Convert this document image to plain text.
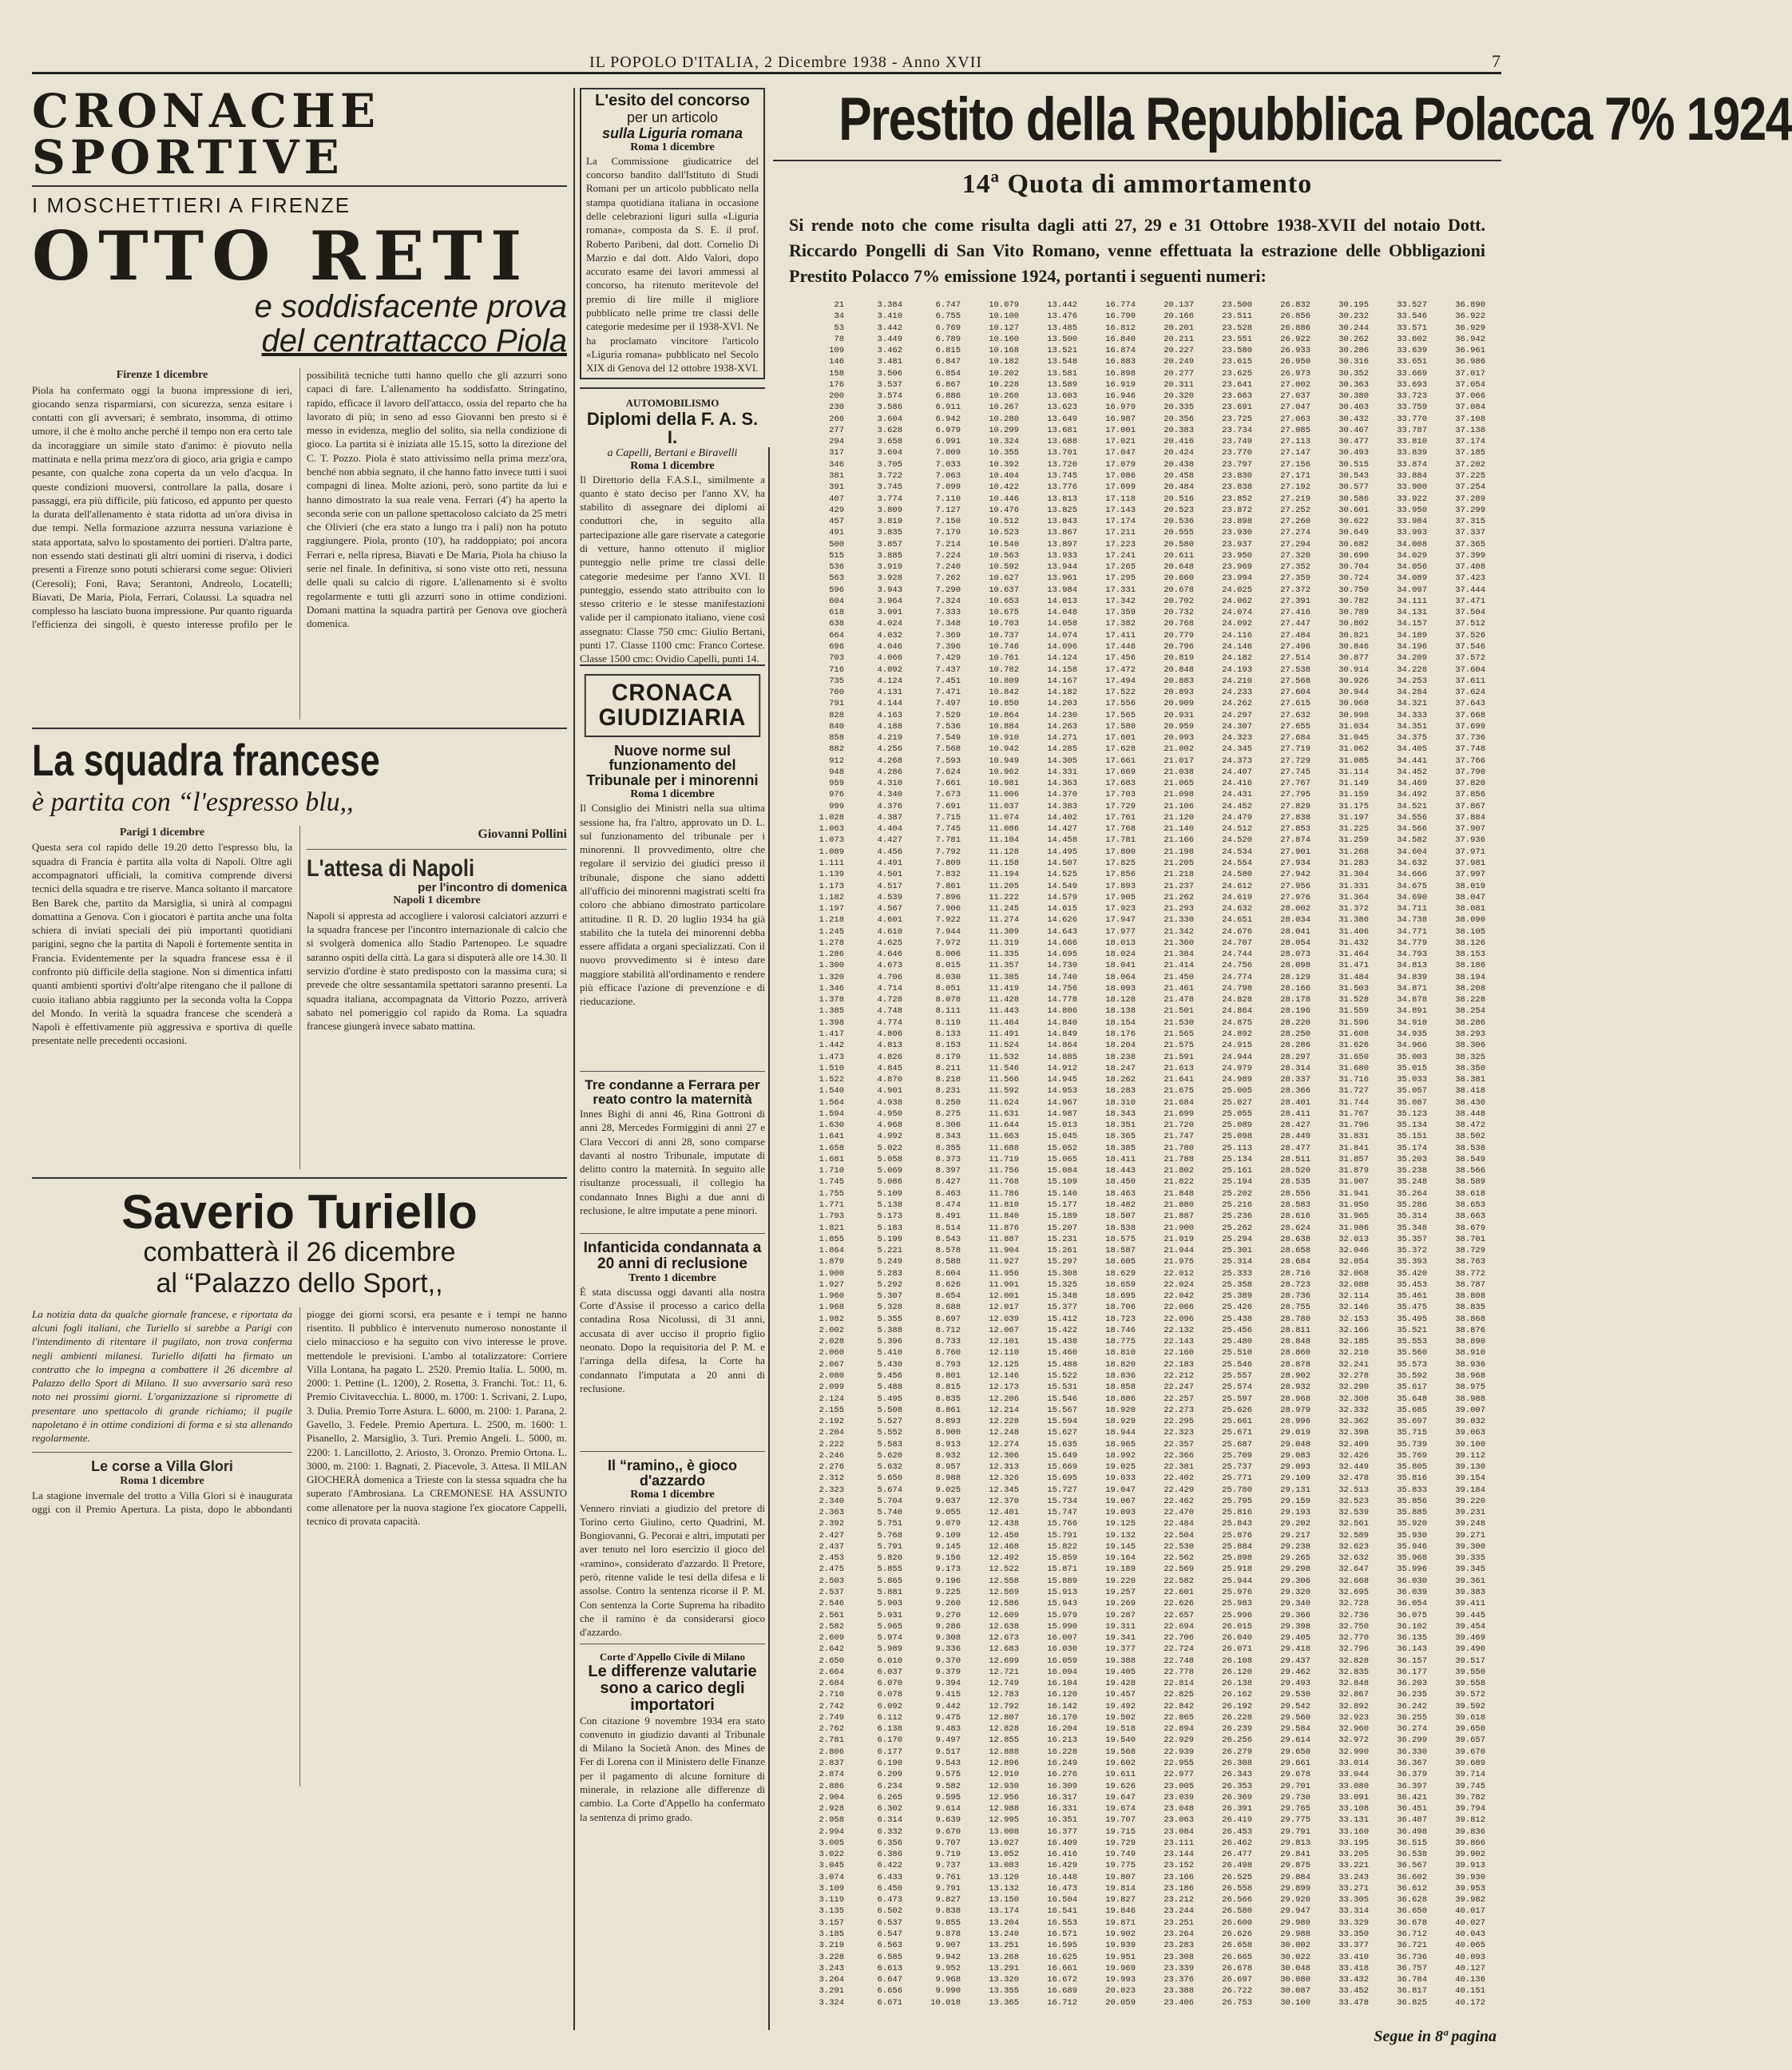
IL POPOLO D'ITALIA, 2 Dicembre 1938 - Anno XVII	7
CRONACHE SPORTIVE
I MOSCHETTIERI A FIRENZE
OTTO RETI
e soddisfacente prova
del centrattacco Piola
Firenze 1 dicembre
Piola ha confermato oggi la buona impressione di ieri, giocando senza risparmiarsi, con sicurezza, senza esitare i contatti con gli avversari; è sembrato, insomma, di ottimo umore, il che è molto anche perché il tempo non era certo tale da incoraggiare un simile stato d'animo: è piovuto nella mattinata e nella prima mezz'ora di gioco, aria grigia e campo pesante, con qualche zona coperta da un velo d'acqua. In queste condizioni muoversi, controllare la palla, dosare i passaggi, era più difficile, più faticoso, ed appunto per questo la durata dell'allenamento è stata ridotta ad un'ora divisa in due tempi. Nella formazione azzurra nessuna variazione è stata apportata, salvo lo spostamento dei portieri. D'altra parte, non essendo stati destinati gli altri uomini di riserva, i dodici presenti a Firenze sono potuti schierarsi come segue: Olivieri (Ceresoli); Foni, Rava; Serantoni, Andreolo, Locatelli; Biavati, De Maria, Piola, Ferrari, Colaussi. La squadra nel complesso ha lasciato buona impressione. Pur quanto riguarda l'efficienza dei singoli, è questo interesse profilo per le possibilità tecniche tutti hanno quello che gli azzurri sono capaci di fare. L'allenamento ha soddisfatto. Stringatino, rapido, efficace il lavoro dell'attacco, ossia del reparto che ha lavorato di più; in seno ad esso Giovanni ben presto si è messo in evidenza, meglio del solito, sia nella condizione di gioco. La partita si è iniziata alle 15.15, sotto la direzione del C. T. Pozzo. Piola è stato attivissimo nella prima mezz'ora, benché non abbia segnato, il che hanno fatto invece tutti i suoi compagni di linea. Molte azioni, però, sono partite da lui e hanno dimostrato la sua reale vena. Ferrari (4') ha aperto la seconda serie con un pallone spettacoloso calciato da 25 metri che Olivieri (che era stato a lungo tra i pali) non ha potuto raggiungere. Piola, pronto (10'), ha raddoppiato; poi ancora Ferrari e, nella ripresa, Biavati e De Maria, Piola ha chiuso la serie nel finale. In definitiva, si sono viste otto reti, nessuna delle quali su calcio di rigore. L'allenamento si è svolto regolarmente e tutti gli azzurri sono in ottime condizioni. Domani mattina la squadra partirà per Genova ove giocherà domenica.
La squadra francese
è partita con “l'espresso blu,,
Parigi 1 dicembre
Questa sera col rapido delle 19.20 detto l'espresso blu, la squadra di Francia è partita alla volta di Napoli. Oltre agli accompagnatori ufficiali, la comitiva comprende diversi tecnici della squadra e tre riserve. Manca soltanto il marcatore Ben Barek che, partito da Marsiglia, si unirà al compagni domattina a Genova. Con i giocatori è partita anche una folta schiera di inviati speciali dei più importanti quotidiani parigini, segno che la partita di Napoli è fortemente sentita in Francia. Evidentemente per la squadra francese essa è il confronto più difficile della stagione. Non si dimentica infatti quanti ambienti sportivi d'oltr'alpe ritengano che il pallone di cuoio italiano abbia raggiunto per la seconda volta la Coppa del Mondo. In verità la squadra francese che scenderà a Napoli è effettivamente più aggressiva e sportiva di quelle presentate nelle precedenti occasioni.
Giovanni Pollini
L'attesa di Napoli
per l'incontro di domenica
Napoli 1 dicembre
Napoli si appresta ad accogliere i valorosi calciatori azzurri e la squadra francese per l'incontro internazionale di calcio che si svolgerà domenica allo Stadio Partenopeo. Le squadre saranno ospiti della città. La gara si disputerà alle ore 14.30. Il servizio d'ordine è stato predisposto con la massima cura; si prevede che oltre sessantamila spettatori saranno presenti. La squadra italiana, accompagnata da Vittorio Pozzo, arriverà sabato nel pomeriggio col rapido da Roma. La squadra francese giungerà invece sabato mattina.
Saverio Turiello
combatterà il 26 dicembre
al “Palazzo dello Sport,,
La notizia data da qualche giornale francese, e riportata da alcuni fogli italiani, che Turiello si sarebbe a Parigi con l'intendimento di ritentare il pugilato, non trova conferma negli ambienti milanesi. Turiello difatti ha firmato un contratto che lo impegna a combattere il 26 dicembre al Palazzo dello Sport di Milano. Il suo avversario sarà reso noto nei prossimi giorni. L'organizzazione si ripromette di presentare uno spettacolo di grande richiamo; il pugile napoletano è in ottime condizioni di forma e si sta allenando regolarmente.
Le corse a Villa Glori
Roma 1 dicembre
La stagione invernale del trotto a Villa Glori si è inaugurata oggi con il Premio Apertura. La pista, dopo le abbondanti piogge dei giorni scorsi, era pesante e i tempi ne hanno risentito. Il pubblico è intervenuto numeroso nonostante il cielo minaccioso e ha seguito con vivo interesse le prove. mettendole le previsioni. L'ambo al totalizzatore: Corriere Villa Lontana, ha pagato L. 2520. Premio Italia. L. 5000, m. 2000: 1. Pettine (L. 1200), 2. Rosetta, 3. Franchi. Tot.: 11, 6. Premio Civitavecchia. L. 8000, m. 1700: 1. Scrivani, 2. Lupo, 3. Dulia. Premio Torre Astura. L. 6000, m. 2100: 1. Parana, 2. Gavello, 3. Fedele. Premio Apertura. L. 2500, m. 1600: 1. Pisanello, 2. Marsiglio, 3. Turi. Premio Angeli. L. 5000, m. 2200: 1. Lancillotto, 2. Ariosto, 3. Oronzo. Premio Ortona. L. 3000, m. 2100: 1. Bagnati, 2. Piacevole, 3. Attesa. Il MILAN GIOCHERÀ domenica a Trieste con la stessa squadra che ha superato l'Ambrosiana. La CREMONESE HA ASSUNTO come allenatore per la nuova stagione l'ex giocatore Cappelli, tecnico di provata capacità.
L'esito del concorso
per un articolo
sulla Liguria romana
Roma 1 dicembre
La Commissione giudicatrice del concorso bandito dall'Istituto di Studi Romani per un articolo pubblicato nella stampa quotidiana italiana in occasione delle celebrazioni liguri sulla «Liguria romana», composta da S. E. il prof. Roberto Paribeni, dal dott. Cornelio Di Marzio e dal dott. Aldo Valori, dopo accurato esame dei lavori ammessi al concorso, ha ritenuto meritevole del premio di lire mille il migliore pubblicato nelle prime tre classi delle categorie medesime per il 1938-XVI. Ne ha proclamato vincitore l'articolo «Liguria romana» pubblicato nel Secolo XIX di Genova del 12 ottobre 1938-XVI.
AUTOMOBILISMO
Diplomi della F. A. S. I.
a Capelli, Bertani e Biravelli
Roma 1 dicembre
Il Direttorio della F.A.S.I., similmente a quanto è stato deciso per l'anno XV, ha stabilito di assegnare dei diplomi ai conduttori che, in seguito alla partecipazione alle gare riservate a categorie di vetture, hanno ottenuto il miglior punteggio nelle prime tre classi delle categorie medesime per l'anno XVI. Il punteggio, essendo stato attribuito con lo stesso criterio e le stesse manifestazioni valide per il campionato italiano, viene così assegnato: Classe 750 cmc: Giulio Bertani, punti 17. Classe 1100 cmc: Franco Cortese. Classe 1500 cmc: Ovidio Capelli, punti 14.
CRONACA GIUDIZIARIA
Nuove norme sul funzionamento del Tribunale per i minorenni
Roma 1 dicembre
Il Consiglio dei Ministri nella sua ultima sessione ha, fra l'altro, approvato un D. L. sul funzionamento del tribunale per i minorenni. Il provvedimento, oltre che regolare il servizio dei giudici presso il tribunale, dispone che siano addetti all'ufficio dei minorenni magistrati scelti fra coloro che abbiano dimostrato particolare attitudine. Il R. D. 20 luglio 1934 ha già stabilito che la tutela dei minorenni debba essere affidata a organi specializzati. Con il nuovo provvedimento si è inteso dare maggiore stabilità all'ordinamento e rendere più efficace l'azione di prevenzione e di rieducazione.
Tre condanne a Ferrara per reato contro la maternità
Innes Bighi di anni 46, Rina Gottroni di anni 28, Mercedes Formiggini di anni 27 e Clara Veccori di anni 28, sono comparse davanti al nostro Tribunale, imputate di delitto contro la maternità. In seguito alle risultanze processuali, il collegio ha condannato Innes Bighi a due anni di reclusione, le altre imputate a pene minori.
Infanticida condannata a 20 anni di reclusione
Trento 1 dicembre
È stata discussa oggi davanti alla nostra Corte d'Assise il processo a carico della contadina Rosa Nicolussi, di 31 anni, accusata di aver ucciso il proprio figlio neonato. Dopo la requisitoria del P. M. e l'arringa della difesa, la Corte ha condannato l'imputata a 20 anni di reclusione.
Il “ramino,, è gioco d'azzardo
Roma 1 dicembre
Vennero rinviati a giudizio del pretore di Torino certo Giulino, certo Quadrini, M. Bongiovanni, G. Pecorai e altri, imputati per aver tenuto nel loro esercizio il gioco del «ramino», considerato d'azzardo. Il Pretore, però, ritenne valide le tesi della difesa e li assolse. Contro la sentenza ricorse il P. M. Con sentenza la Corte Suprema ha ribadito che il ramino è da considerarsi gioco d'azzardo.
Corte d'Appello Civile di Milano
Le differenze valutarie sono a carico degli importatori
Con citazione 9 novembre 1934 era stato convenuto in giudizio davanti al Tribunale di Milano la Società Anon. des Mines de Fer di Lorena con il Ministero delle Finanze per il pagamento di alcune forniture di minerale, in relazione alle differenze di cambio. La Corte d'Appello ha confermato la sentenza di primo grado.
Prestito della Repubblica Polacca 7% 1924
14ª Quota di ammortamento
Si rende noto che come risulta dagli atti 27, 29 e 31 Ottobre 1938-XVII del notaio Dott. Riccardo Pongelli di San Vito Romano, venne effettuata la estrazione delle Obbligazioni Prestito Polacco 7% emissione 1924, portanti i seguenti numeri:
21
34
53
78
109
146
158
176
200
230
266
277
294
317
346
381
391
407
429
457
491
500
515
536
563
596
604
618
638
664
696
703
716
735
760
791
828
840
858
882
912
948
959
976
999
1.028
1.063
1.073
1.089
1.111
1.139
1.173
1.182
1.197
1.218
1.245
1.278
1.286
1.300
1.320
1.346
1.378
1.385
1.398
1.417
1.442
1.473
1.510
1.522
1.540
1.564
1.594
1.630
1.641
1.658
1.681
1.710
1.745
1.755
1.771
1.793
1.821
1.855
1.864
1.879
1.900
1.927
1.960
1.968
1.982
2.002
2.028
2.060
2.067
2.080
2.099
2.124
2.155
2.192
2.204
2.222
2.246
2.276
2.312
2.323
2.340
2.363
2.392
2.427
2.437
2.453
2.475
2.503
2.537
2.546
2.561
2.582
2.609
2.642
2.650
2.664
2.684
2.710
2.742
2.749
2.762
2.781
2.806
2.837
2.874
2.886
2.904
2.928
2.958
2.994
3.005
3.022
3.045
3.074
3.109
3.119
3.135
3.157
3.185
3.219
3.228
3.243
3.264
3.291
3.324
3.384
3.410
3.442
3.449
3.462
3.481
3.506
3.537
3.574
3.586
3.604
3.628
3.658
3.694
3.705
3.722
3.745
3.774
3.809
3.819
3.835
3.857
3.885
3.919
3.928
3.943
3.964
3.991
4.024
4.032
4.046
4.066
4.092
4.124
4.131
4.144
4.163
4.188
4.219
4.256
4.268
4.286
4.310
4.340
4.376
4.387
4.404
4.427
4.456
4.491
4.501
4.517
4.539
4.567
4.601
4.610
4.625
4.646
4.673
4.706
4.714
4.728
4.748
4.774
4.806
4.813
4.826
4.845
4.870
4.901
4.938
4.950
4.968
4.992
5.022
5.058
5.069
5.086
5.109
5.138
5.173
5.183
5.199
5.221
5.249
5.283
5.292
5.307
5.328
5.355
5.388
5.396
5.410
5.430
5.456
5.488
5.495
5.508
5.527
5.552
5.583
5.620
5.632
5.650
5.674
5.704
5.740
5.751
5.768
5.791
5.820
5.855
5.865
5.881
5.903
5.931
5.965
5.974
5.989
6.010
6.037
6.070
6.078
6.092
6.112
6.138
6.170
6.177
6.190
6.209
6.234
6.265
6.302
6.314
6.332
6.356
6.386
6.422
6.433
6.450
6.473
6.502
6.537
6.547
6.563
6.585
6.613
6.647
6.656
6.671
6.747
6.755
6.769
6.789
6.815
6.847
6.854
6.867
6.886
6.911
6.942
6.979
6.991
7.009
7.033
7.063
7.099
7.110
7.127
7.150
7.179
7.214
7.224
7.240
7.262
7.290
7.324
7.333
7.348
7.369
7.396
7.429
7.437
7.451
7.471
7.497
7.529
7.536
7.549
7.568
7.593
7.624
7.661
7.673
7.691
7.715
7.745
7.781
7.792
7.809
7.832
7.861
7.896
7.906
7.922
7.944
7.972
8.006
8.015
8.030
8.051
8.078
8.111
8.119
8.133
8.153
8.179
8.211
8.218
8.231
8.250
8.275
8.306
8.343
8.355
8.373
8.397
8.427
8.463
8.474
8.491
8.514
8.543
8.578
8.588
8.604
8.626
8.654
8.688
8.697
8.712
8.733
8.760
8.793
8.801
8.815
8.835
8.861
8.893
8.900
8.913
8.932
8.957
8.988
9.025
9.037
9.055
9.079
9.109
9.145
9.156
9.173
9.196
9.225
9.260
9.270
9.286
9.308
9.336
9.370
9.379
9.394
9.415
9.442
9.475
9.483
9.497
9.517
9.543
9.575
9.582
9.595
9.614
9.639
9.670
9.707
9.719
9.737
9.761
9.791
9.827
9.838
9.855
9.878
9.907
9.942
9.952
9.968
9.990
10.018
10.079
10.100
10.127
10.160
10.168
10.182
10.202
10.228
10.260
10.267
10.280
10.299
10.324
10.355
10.392
10.404
10.422
10.446
10.476
10.512
10.523
10.540
10.563
10.592
10.627
10.637
10.653
10.675
10.703
10.737
10.746
10.761
10.782
10.809
10.842
10.850
10.864
10.884
10.910
10.942
10.949
10.962
10.981
11.006
11.037
11.074
11.086
11.104
11.128
11.158
11.194
11.205
11.222
11.245
11.274
11.309
11.319
11.335
11.357
11.385
11.419
11.428
11.443
11.464
11.491
11.524
11.532
11.546
11.566
11.592
11.624
11.631
11.644
11.663
11.688
11.719
11.756
11.768
11.786
11.810
11.840
11.876
11.887
11.904
11.927
11.956
11.991
12.001
12.017
12.039
12.067
12.101
12.110
12.125
12.146
12.173
12.206
12.214
12.228
12.248
12.274
12.306
12.313
12.326
12.345
12.370
12.401
12.438
12.450
12.468
12.492
12.522
12.558
12.569
12.586
12.609
12.638
12.673
12.683
12.699
12.721
12.749
12.783
12.792
12.807
12.828
12.855
12.888
12.896
12.910
12.930
12.956
12.988
12.995
13.008
13.027
13.052
13.083
13.120
13.132
13.150
13.174
13.204
13.240
13.251
13.268
13.291
13.320
13.355
13.365
13.442
13.476
13.485
13.500
13.521
13.548
13.581
13.589
13.603
13.623
13.649
13.681
13.688
13.701
13.720
13.745
13.776
13.813
13.825
13.843
13.867
13.897
13.933
13.944
13.961
13.984
14.013
14.048
14.058
14.074
14.096
14.124
14.158
14.167
14.182
14.203
14.230
14.263
14.271
14.285
14.305
14.331
14.363
14.370
14.383
14.402
14.427
14.458
14.495
14.507
14.525
14.549
14.579
14.615
14.626
14.643
14.666
14.695
14.730
14.740
14.756
14.778
14.806
14.840
14.849
14.864
14.885
14.912
14.945
14.953
14.967
14.987
15.013
15.045
15.052
15.065
15.084
15.109
15.140
15.177
15.189
15.207
15.231
15.261
15.297
15.308
15.325
15.348
15.377
15.412
15.422
15.438
15.460
15.488
15.522
15.531
15.546
15.567
15.594
15.627
15.635
15.649
15.669
15.695
15.727
15.734
15.747
15.766
15.791
15.822
15.859
15.871
15.889
15.913
15.943
15.979
15.990
16.007
16.030
16.059
16.094
16.104
16.120
16.142
16.170
16.204
16.213
16.228
16.249
16.276
16.309
16.317
16.331
16.351
16.377
16.409
16.416
16.429
16.448
16.473
16.504
16.541
16.553
16.571
16.595
16.625
16.661
16.672
16.689
16.712
16.774
16.790
16.812
16.840
16.874
16.883
16.898
16.919
16.946
16.979
16.987
17.001
17.021
17.047
17.079
17.086
17.099
17.118
17.143
17.174
17.211
17.223
17.241
17.265
17.295
17.331
17.342
17.359
17.382
17.411
17.446
17.456
17.472
17.494
17.522
17.556
17.565
17.580
17.601
17.628
17.661
17.669
17.683
17.703
17.729
17.761
17.768
17.781
17.800
17.825
17.856
17.893
17.905
17.923
17.947
17.977
18.013
18.024
18.041
18.064
18.093
18.128
18.138
18.154
18.176
18.204
18.238
18.247
18.262
18.283
18.310
18.343
18.351
18.365
18.385
18.411
18.443
18.450
18.463
18.482
18.507
18.538
18.575
18.587
18.605
18.629
18.659
18.695
18.706
18.723
18.746
18.775
18.810
18.820
18.836
18.858
18.886
18.920
18.929
18.944
18.965
18.992
19.025
19.033
19.047
19.067
19.093
19.125
19.132
19.145
19.164
19.189
19.220
19.257
19.269
19.287
19.311
19.341
19.377
19.388
19.405
19.428
19.457
19.492
19.502
19.518
19.540
19.568
19.602
19.611
19.626
19.647
19.674
19.707
19.715
19.729
19.749
19.775
19.807
19.814
19.827
19.846
19.871
19.902
19.939
19.951
19.969
19.993
20.023
20.059
20.137
20.166
20.201
20.211
20.227
20.249
20.277
20.311
20.320
20.335
20.356
20.383
20.416
20.424
20.438
20.458
20.484
20.516
20.523
20.536
20.555
20.580
20.611
20.648
20.660
20.678
20.702
20.732
20.768
20.779
20.796
20.819
20.848
20.883
20.893
20.909
20.931
20.959
20.993
21.002
21.017
21.038
21.065
21.098
21.106
21.120
21.140
21.166
21.198
21.205
21.218
21.237
21.262
21.293
21.330
21.342
21.360
21.384
21.414
21.450
21.461
21.478
21.501
21.530
21.565
21.575
21.591
21.613
21.641
21.675
21.684
21.699
21.720
21.747
21.780
21.788
21.802
21.822
21.848
21.880
21.887
21.900
21.919
21.944
21.975
22.012
22.024
22.042
22.066
22.096
22.132
22.143
22.160
22.183
22.212
22.247
22.257
22.273
22.295
22.323
22.357
22.366
22.381
22.402
22.429
22.462
22.470
22.484
22.504
22.530
22.562
22.569
22.582
22.601
22.626
22.657
22.694
22.706
22.724
22.748
22.778
22.814
22.825
22.842
22.865
22.894
22.929
22.939
22.955
22.977
23.005
23.039
23.048
23.063
23.084
23.111
23.144
23.152
23.166
23.186
23.212
23.244
23.251
23.264
23.283
23.308
23.339
23.376
23.388
23.406
23.500
23.511
23.528
23.551
23.580
23.615
23.625
23.641
23.663
23.691
23.725
23.734
23.749
23.770
23.797
23.830
23.838
23.852
23.872
23.898
23.930
23.937
23.950
23.969
23.994
24.025
24.062
24.074
24.092
24.116
24.146
24.182
24.193
24.210
24.233
24.262
24.297
24.307
24.323
24.345
24.373
24.407
24.416
24.431
24.452
24.479
24.512
24.520
24.534
24.554
24.580
24.612
24.619
24.632
24.651
24.676
24.707
24.744
24.756
24.774
24.798
24.828
24.864
24.875
24.892
24.915
24.944
24.979
24.989
25.005
25.027
25.055
25.089
25.098
25.113
25.134
25.161
25.194
25.202
25.216
25.236
25.262
25.294
25.301
25.314
25.333
25.358
25.389
25.426
25.438
25.456
25.480
25.510
25.546
25.557
25.574
25.597
25.626
25.661
25.671
25.687
25.709
25.737
25.771
25.780
25.795
25.816
25.843
25.876
25.884
25.898
25.918
25.944
25.976
25.983
25.996
26.015
26.040
26.071
26.108
26.120
26.138
26.162
26.192
26.228
26.239
26.256
26.279
26.308
26.343
26.353
26.369
26.391
26.419
26.453
26.462
26.477
26.498
26.525
26.558
26.566
26.580
26.600
26.626
26.658
26.665
26.678
26.697
26.722
26.753
26.832
26.856
26.886
26.922
26.933
26.950
26.973
27.002
27.037
27.047
27.063
27.085
27.113
27.147
27.156
27.171
27.192
27.219
27.252
27.260
27.274
27.294
27.320
27.352
27.359
27.372
27.391
27.416
27.447
27.484
27.496
27.514
27.538
27.568
27.604
27.615
27.632
27.655
27.684
27.719
27.729
27.745
27.767
27.795
27.829
27.838
27.853
27.874
27.901
27.934
27.942
27.956
27.976
28.002
28.034
28.041
28.054
28.073
28.098
28.129
28.166
28.178
28.196
28.220
28.250
28.286
28.297
28.314
28.337
28.366
28.401
28.411
28.427
28.449
28.477
28.511
28.520
28.535
28.556
28.583
28.616
28.624
28.638
28.658
28.684
28.716
28.723
28.736
28.755
28.780
28.811
28.848
28.860
28.878
28.902
28.932
28.968
28.979
28.996
29.019
29.048
29.083
29.093
29.109
29.131
29.159
29.193
29.202
29.217
29.238
29.265
29.298
29.306
29.320
29.340
29.366
29.398
29.405
29.418
29.437
29.462
29.493
29.530
29.542
29.560
29.584
29.614
29.650
29.661
29.678
29.701
29.730
29.765
29.775
29.791
29.813
29.841
29.875
29.884
29.899
29.920
29.947
29.980
29.988
30.002
30.022
30.048
30.080
30.087
30.100
30.195
30.232
30.244
30.262
30.286
30.316
30.352
30.363
30.380
30.403
30.432
30.467
30.477
30.493
30.515
30.543
30.577
30.586
30.601
30.622
30.649
30.682
30.690
30.704
30.724
30.750
30.782
30.789
30.802
30.821
30.846
30.877
30.914
30.926
30.944
30.968
30.998
31.034
31.045
31.062
31.085
31.114
31.149
31.159
31.175
31.197
31.225
31.259
31.268
31.283
31.304
31.331
31.364
31.372
31.386
31.406
31.432
31.464
31.471
31.484
31.503
31.528
31.559
31.596
31.608
31.626
31.650
31.680
31.716
31.727
31.744
31.767
31.796
31.831
31.841
31.857
31.879
31.907
31.941
31.950
31.965
31.986
32.013
32.046
32.054
32.068
32.088
32.114
32.146
32.153
32.166
32.185
32.210
32.241
32.278
32.290
32.308
32.332
32.362
32.398
32.409
32.426
32.449
32.478
32.513
32.523
32.539
32.561
32.589
32.623
32.632
32.647
32.668
32.695
32.728
32.736
32.750
32.770
32.796
32.828
32.835
32.848
32.867
32.892
32.923
32.960
32.972
32.990
33.014
33.044
33.080
33.091
33.108
33.131
33.160
33.195
33.205
33.221
33.243
33.271
33.305
33.314
33.329
33.350
33.377
33.410
33.418
33.432
33.452
33.478
33.527
33.546
33.571
33.602
33.639
33.651
33.669
33.693
33.723
33.759
33.770
33.787
33.810
33.839
33.874
33.884
33.900
33.922
33.950
33.984
33.993
34.008
34.029
34.056
34.089
34.097
34.111
34.131
34.157
34.189
34.196
34.209
34.228
34.253
34.284
34.321
34.333
34.351
34.375
34.405
34.441
34.452
34.469
34.492
34.521
34.556
34.566
34.582
34.604
34.632
34.666
34.675
34.690
34.711
34.738
34.771
34.779
34.793
34.813
34.839
34.871
34.878
34.891
34.910
34.935
34.966
35.003
35.015
35.033
35.057
35.087
35.123
35.134
35.151
35.174
35.203
35.238
35.248
35.264
35.286
35.314
35.348
35.357
35.372
35.393
35.420
35.453
35.461
35.475
35.495
35.521
35.553
35.560
35.573
35.592
35.617
35.648
35.685
35.697
35.715
35.739
35.769
35.805
35.816
35.833
35.856
35.885
35.920
35.930
35.946
35.968
35.996
36.030
36.039
36.054
36.075
36.102
36.135
36.143
36.157
36.177
36.203
36.235
36.242
36.255
36.274
36.299
36.330
36.367
36.379
36.397
36.421
36.451
36.487
36.498
36.515
36.538
36.567
36.602
36.612
36.628
36.650
36.678
36.712
36.721
36.736
36.757
36.784
36.817
36.825
36.890
36.922
36.929
36.942
36.961
36.986
37.017
37.054
37.066
37.084
37.108
37.138
37.174
37.185
37.202
37.225
37.254
37.289
37.299
37.315
37.337
37.365
37.399
37.408
37.423
37.444
37.471
37.504
37.512
37.526
37.546
37.572
37.604
37.611
37.624
37.643
37.668
37.699
37.736
37.748
37.766
37.790
37.820
37.856
37.867
37.884
37.907
37.936
37.971
37.981
37.997
38.019
38.047
38.081
38.090
38.105
38.126
38.153
38.186
38.194
38.208
38.228
38.254
38.286
38.293
38.306
38.325
38.350
38.381
38.418
38.430
38.448
38.472
38.502
38.538
38.549
38.566
38.589
38.618
38.653
38.663
38.679
38.701
38.729
38.763
38.772
38.787
38.808
38.835
38.868
38.876
38.890
38.910
38.936
38.968
38.975
38.988
39.007
39.032
39.063
39.100
39.112
39.130
39.154
39.184
39.220
39.231
39.248
39.271
39.300
39.335
39.345
39.361
39.383
39.411
39.445
39.454
39.469
39.490
39.517
39.550
39.558
39.572
39.592
39.618
39.650
39.657
39.670
39.689
39.714
39.745
39.782
39.794
39.812
39.836
39.866
39.902
39.913
39.930
39.953
39.982
40.017
40.027
40.043
40.065
40.093
40.127
40.136
40.151
40.172
Segue in 8ª pagina
